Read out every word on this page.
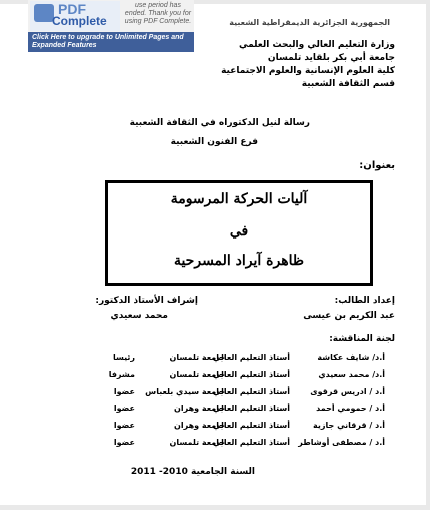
PDF
Complete
use period has ended. Thank you for using PDF Complete.
Click Here to upgrade to Unlimited Pages and Expanded Features
الجمهورية الجزائرية الديمقراطية الشعبية
وزارة التعليم العالي والبحث العلمي
جامعة أبي بكر بلقايد تلمسان
كلية العلوم الإنسانية والعلوم الاجتماعية
قسم الثقافة الشعبية
رسالة لنيل الدكتوراه في الثقافة الشعبية
فرع الفنون الشعبية
بعنوان:
آليات الحركة المرسومة
في
ظاهرة آيراد المسرحية
إعداد الطالب:
عبد الكريم بن عيسى
إشراف الأستاذ الدكتور:
محمد سعيدي
لجنة المناقشة:
أ.د/ شايف عكاشة
أستاذ التعليم العالي
جامعة تلمسان
رئيسا
أ.د/ محمد سعيدي
أستاذ التعليم العالي
جامعة تلمسان
مشرفا
أ.د / ادريس قرقوى
أستاذ التعليم العالي
جامعة سيدي بلعباس
عضوا
أ.د / حمومي أحمد
أستاذ التعليم العالي
جامعة وهران
عضوا
أ.د / قرقاني جازية
أستاذ التعليم العالي
جامعة وهران
عضوا
أ.د / مصطفى أوشاطر
أستاذ التعليم العالي
جامعة تلمسان
عضوا
السنة الجامعية 2010- 2011
